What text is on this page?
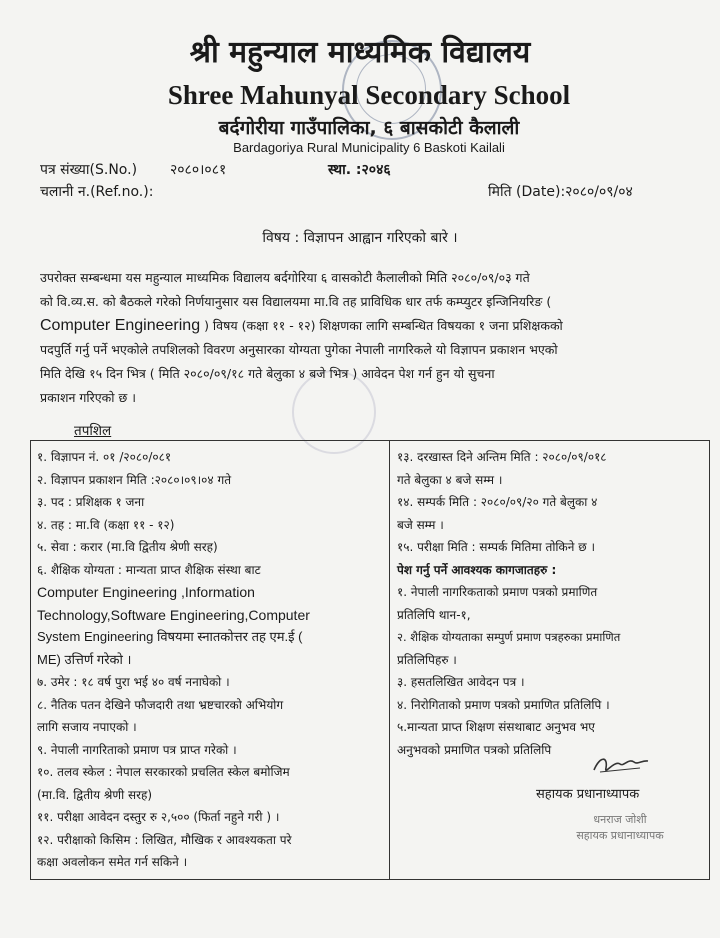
श्री महुन्याल माध्यमिक विद्यालय
Shree Mahunyal Secondary School
बर्दगोरीया गाउँपालिका, ६ बासकोटी कैलाली
Bardagoriya Rural Municipality 6 Baskoti Kailali
पत्र संख्या(S.No.) २०८०।०८१	स्था. :२०४६
चलानी न.(Ref.no.):	मिति (Date):२०८०/०९/०४
विषय : विज्ञापन आह्वान गरिएको बारे ।
उपरोक्त सम्बन्धमा यस महुन्याल माध्यमिक विद्यालय बर्दगोरिया ६ वासकोटी कैलालीको मिति २०८०/०९/०३ गते
को वि.व्य.स. को बैठकले गरेको निर्णयानुसार यस विद्यालयमा मा.वि तह प्राविधिक धार तर्फ कम्प्युटर इन्जिनियरिङ (
Computer Engineering ) विषय (कक्षा ११ - १२) शिक्षणका लागि सम्बन्धित विषयका १ जना प्रशिक्षकको
पदपुर्ति गर्नु पर्ने भएकोले तपशिलको विवरण अनुसारका योग्यता पुगेका नेपाली नागरिकले यो विज्ञापन प्रकाशन भएको
मिति देखि १५ दिन भित्र ( मिति २०८०/०९/१८ गते बेलुका ४ बजे भित्र ) आवेदन पेश गर्न हुन यो सुचना
प्रकाशन गरिएको छ ।
तपशिल
१. विज्ञापन नं. ०१ /२०८०/०८१
२. विज्ञापन प्रकाशन मिति :२०८०।०९।०४ गते
३. पद : प्रशिक्षक १ जना
४. तह : मा.वि (कक्षा ११ - १२)
५. सेवा : करार (मा.वि द्वितीय श्रेणी सरह)
६. शैक्षिक योग्यता : मान्यता प्राप्त शैक्षिक संस्था बाट
Computer Engineering ,Information
Technology,Software Engineering,Computer
System Engineering विषयमा स्नातकोत्तर तह एम.ई (
ME) उत्तिर्ण गरेको ।
७. उमेर : १८ वर्ष पुरा भई ४० वर्ष ननाघेको ।
८. नैतिक पतन देखिने फौजदारी तथा भ्रष्टचारको अभियोग
लागि सजाय नपाएको ।
९. नेपाली नागरिताको प्रमाण पत्र प्राप्त गरेको ।
१०. तलव स्केल : नेपाल सरकारको प्रचलित स्केल बमोजिम
(मा.वि. द्वितीय श्रेणी सरह)
११. परीक्षा आवेदन दस्तुर रु २,५०० (फिर्ता नहुने गरी ) ।
१२. परीक्षाको किसिम : लिखित, मौखिक र आवश्यकता परे
कक्षा अवलोकन समेत गर्न सकिने ।
१३. दरखास्त दिने अन्तिम मिति : २०८०/०९/०१८
गते बेलुका ४ बजे सम्म ।
१४. सम्पर्क मिति : २०८०/०९/२० गते बेलुका ४
बजे सम्म ।
१५. परीक्षा मिति : सम्पर्क मितिमा तोकिने छ ।
पेश गर्नु पर्ने आवश्यक कागजातहरु :
१. नेपाली नागरिकताको प्रमाण पत्रको प्रमाणित
प्रतिलिपि थान-१,
२. शैक्षिक योग्यताका सम्पुर्ण प्रमाण पत्रहरुका प्रमाणित
प्रतिलिपिहरु ।
३. हसतलिखित आवेदन पत्र ।
४. निरोगिताको प्रमाण पत्रको प्रमाणित प्रतिलिपि ।
५.मान्यता प्राप्त शिक्षण संसथाबाट अनुभव भए
अनुभवको प्रमाणित पत्रको प्रतिलिपि
सहायक प्रधानाध्यापक
धनराज जोशी
सहायक प्रधानाध्यापक
